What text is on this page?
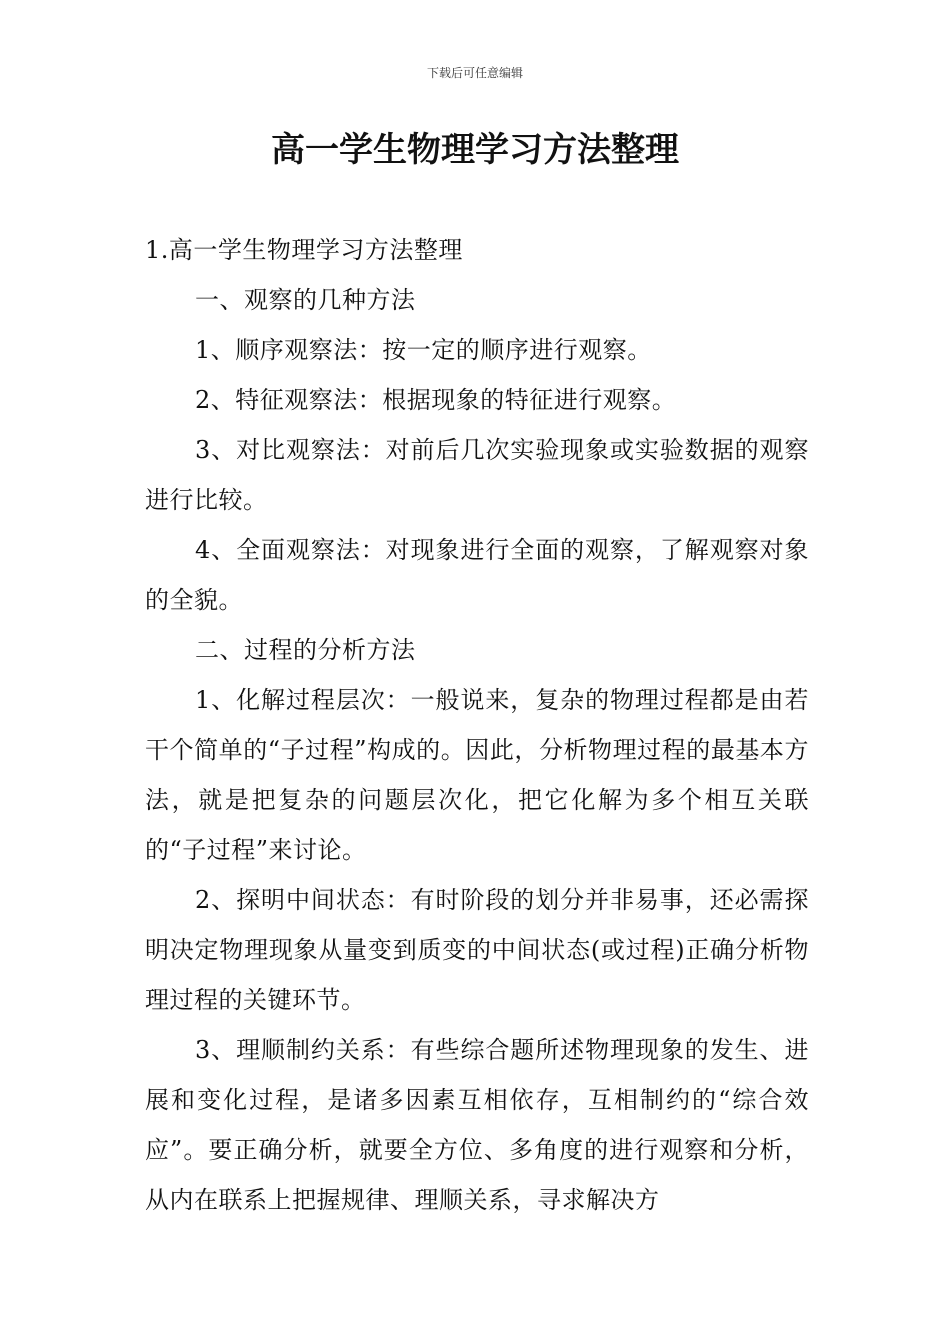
下载后可任意编辑
高一学生物理学习方法整理

1.高一学生物理学习方法整理

一、观察的几种方法

1、顺序观察法：按一定的顺序进行观察。

2、特征观察法：根据现象的特征进行观察。

3、对比观察法：对前后几次实验现象或实验数据的观察进行比较。

4、全面观察法：对现象进行全面的观察，了解观察对象的全貌。

二、过程的分析方法

1、化解过程层次：一般说来，复杂的物理过程都是由若干个简单的“子过程”构成的。因此，分析物理过程的最基本方法，就是把复杂的问题层次化，把它化解为多个相互关联的“子过程”来讨论。

2、探明中间状态：有时阶段的划分并非易事，还必需探明决定物理现象从量变到质变的中间状态(或过程)正确分析物理过程的关键环节。

3、理顺制约关系：有些综合题所述物理现象的发生、进展和变化过程，是诸多因素互相依存，互相制约的“综合效应”。要正确分析，就要全方位、多角度的进行观察和分析，从内在联系上把握规律、理顺关系，寻求解决方
